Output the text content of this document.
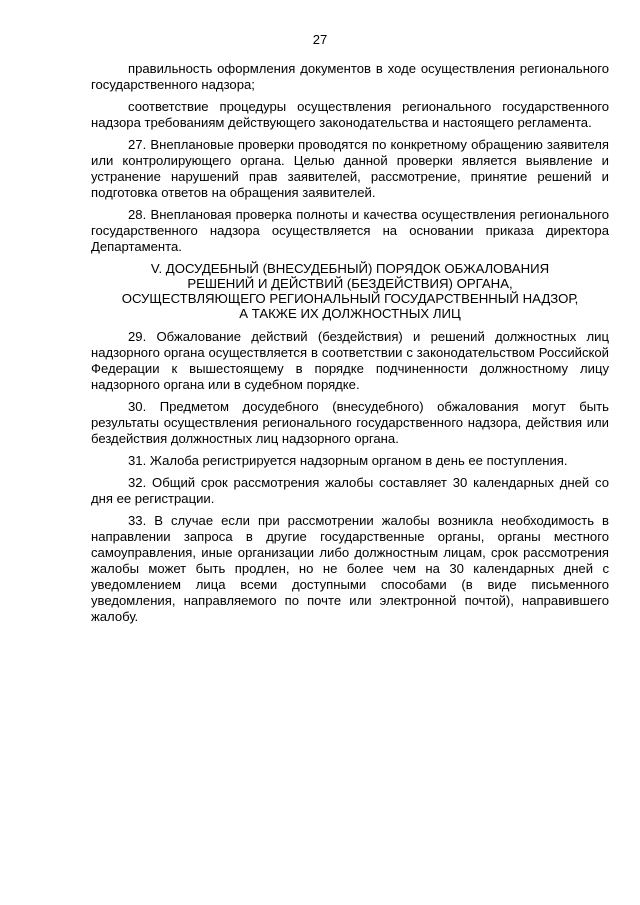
27

правильность оформления документов в ходе осуществления регионального государственного надзора;

соответствие процедуры осуществления регионального государственного надзора требованиям действующего законодательства и настоящего регламента.

27. Внеплановые проверки проводятся по конкретному обращению заявителя или контролирующего органа. Целью данной проверки является выявление и устранение нарушений прав заявителей, рассмотрение, принятие решений и подготовка ответов на обращения заявителей.

28. Внеплановая проверка полноты и качества осуществления регионального государственного надзора осуществляется на основании приказа директора Департамента.

V. ДОСУДЕБНЫЙ (ВНЕСУДЕБНЫЙ) ПОРЯДОК ОБЖАЛОВАНИЯ
РЕШЕНИЙ И ДЕЙСТВИЙ (БЕЗДЕЙСТВИЯ) ОРГАНА,
ОСУЩЕСТВЛЯЮЩЕГО РЕГИОНАЛЬНЫЙ ГОСУДАРСТВЕННЫЙ НАДЗОР,
А ТАКЖЕ ИХ ДОЛЖНОСТНЫХ ЛИЦ

29. Обжалование действий (бездействия) и решений должностных лиц надзорного органа осуществляется в соответствии с законодательством Российской Федерации к вышестоящему в порядке подчиненности должностному лицу надзорного органа или в судебном порядке.

30. Предметом досудебного (внесудебного) обжалования могут быть результаты осуществления регионального государственного надзора, действия или бездействия должностных лиц надзорного органа.

31. Жалоба регистрируется надзорным органом в день ее поступления.

32. Общий срок рассмотрения жалобы составляет 30 календарных дней со дня ее регистрации.

33. В случае если при рассмотрении жалобы возникла необходимость в направлении запроса в другие государственные органы, органы местного самоуправления, иные организации либо должностным лицам, срок рассмотрения жалобы может быть продлен, но не более чем на 30 календарных дней с уведомлением лица всеми доступными способами (в виде письменного уведомления, направляемого по почте или электронной почтой), направившего жалобу.
